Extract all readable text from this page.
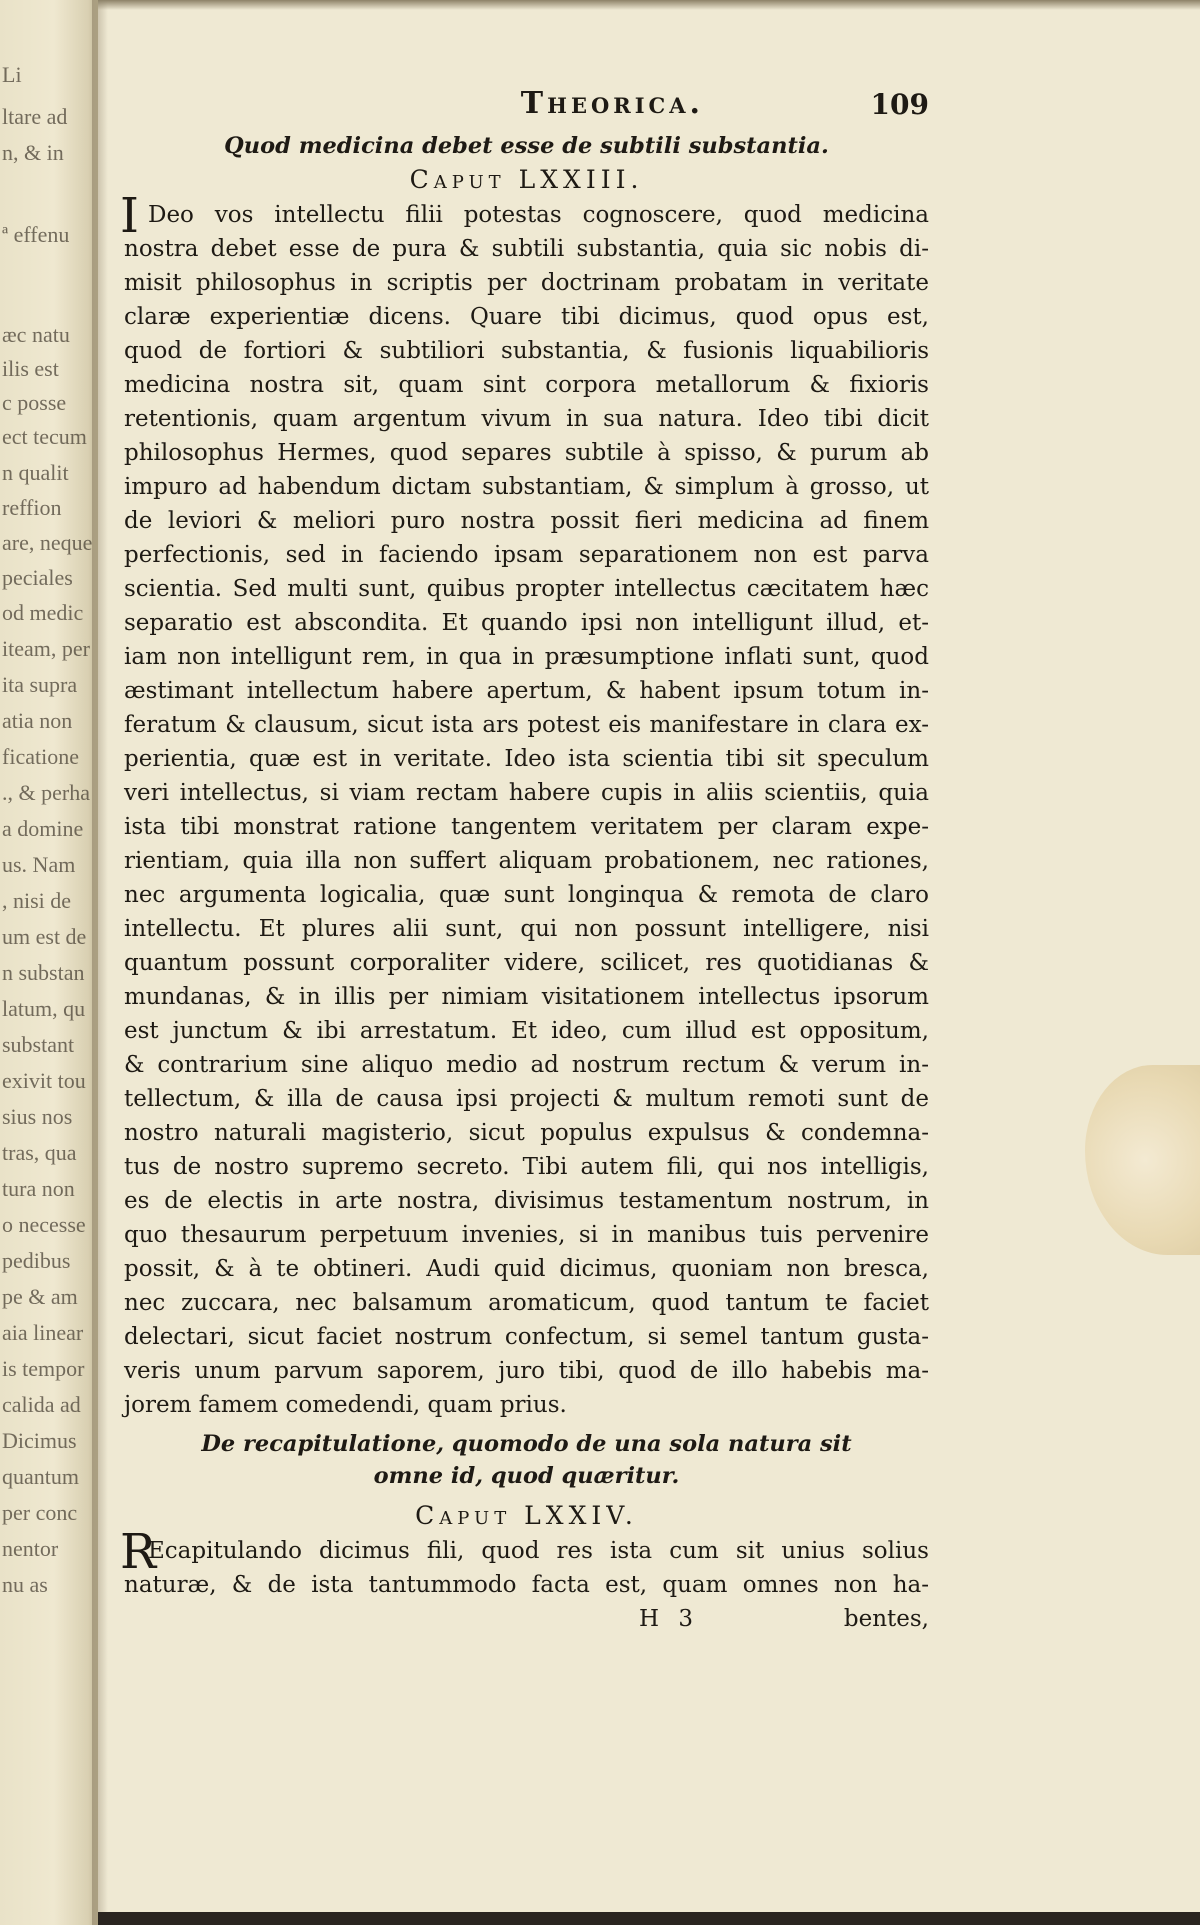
Li
ltare ad
n, & in
ª effenu
æc natu
ilis est
c posse
ect tecum
n qualit
reffion
are, neque
peciales
od medic
iteam, per
ita supra
atia non
ficatione
., & perha
a domine
us. Nam
, nisi de
um est de
n substan
latum, qu
substant
exivit tou
sius nos
tras, qua
tura non
o necesse
pedibus
pe & am
aia linear
is tempor
calida ad
Dicimus
quantum
per conc
nentor
nu as
Theorica.	109

Quod medicina debet esse de subtili substantia.

Caput LXXIII.

I Deo vos intellectu filii potestas cognoscere, quod medicina
nostra debet esse de pura & subtili substantia, quia sic nobis di-
misit philosophus in scriptis per doctrinam probatam in veritate
claræ experientiæ dicens. Quare tibi dicimus, quod opus est,
quod de fortiori & subtiliori substantia, & fusionis liquabilioris
medicina nostra sit, quam sint corpora metallorum & fixioris
retentionis, quam argentum vivum in sua natura. Ideo tibi dicit
philosophus Hermes, quod separes subtile à spisso, & purum ab
impuro ad habendum dictam substantiam, & simplum à grosso, ut
de leviori & meliori puro nostra possit fieri medicina ad finem
perfectionis, sed in faciendo ipsam separationem non est parva
scientia. Sed multi sunt, quibus propter intellectus cæcitatem hæc
separatio est abscondita. Et quando ipsi non intelligunt illud, et-
iam non intelligunt rem, in qua in præsumptione inflati sunt, quod
æstimant intellectum habere apertum, & habent ipsum totum in-
feratum & clausum, sicut ista ars potest eis manifestare in clara ex-
perientia, quæ est in veritate. Ideo ista scientia tibi sit speculum
veri intellectus, si viam rectam habere cupis in aliis scientiis, quia
ista tibi monstrat ratione tangentem veritatem per claram expe-
rientiam, quia illa non suffert aliquam probationem, nec rationes,
nec argumenta logicalia, quæ sunt longinqua & remota de claro
intellectu. Et plures alii sunt, qui non possunt intelligere, nisi
quantum possunt corporaliter videre, scilicet, res quotidianas &
mundanas, & in illis per nimiam visitationem intellectus ipsorum
est junctum & ibi arrestatum. Et ideo, cum illud est oppositum,
& contrarium sine aliquo medio ad nostrum rectum & verum in-
tellectum, & illa de causa ipsi projecti & multum remoti sunt de
nostro naturali magisterio, sicut populus expulsus & condemna-
tus de nostro supremo secreto. Tibi autem fili, qui nos intelligis,
es de electis in arte nostra, divisimus testamentum nostrum, in
quo thesaurum perpetuum invenies, si in manibus tuis pervenire
possit, & à te obtineri. Audi quid dicimus, quoniam non bresca,
nec zuccara, nec balsamum aromaticum, quod tantum te faciet
delectari, sicut faciet nostrum confectum, si semel tantum gusta-
veris unum parvum saporem, juro tibi, quod de illo habebis ma-
jorem famem comedendi, quam prius.

De recapitulatione, quomodo de una sola natura sit

omne id, quod quæritur.

Caput LXXIV.

R
Ecapitulando dicimus fili, quod res ista cum sit unius solius
naturæ, & de ista tantummodo facta est, quam omnes non ha-
H 3	bentes,
